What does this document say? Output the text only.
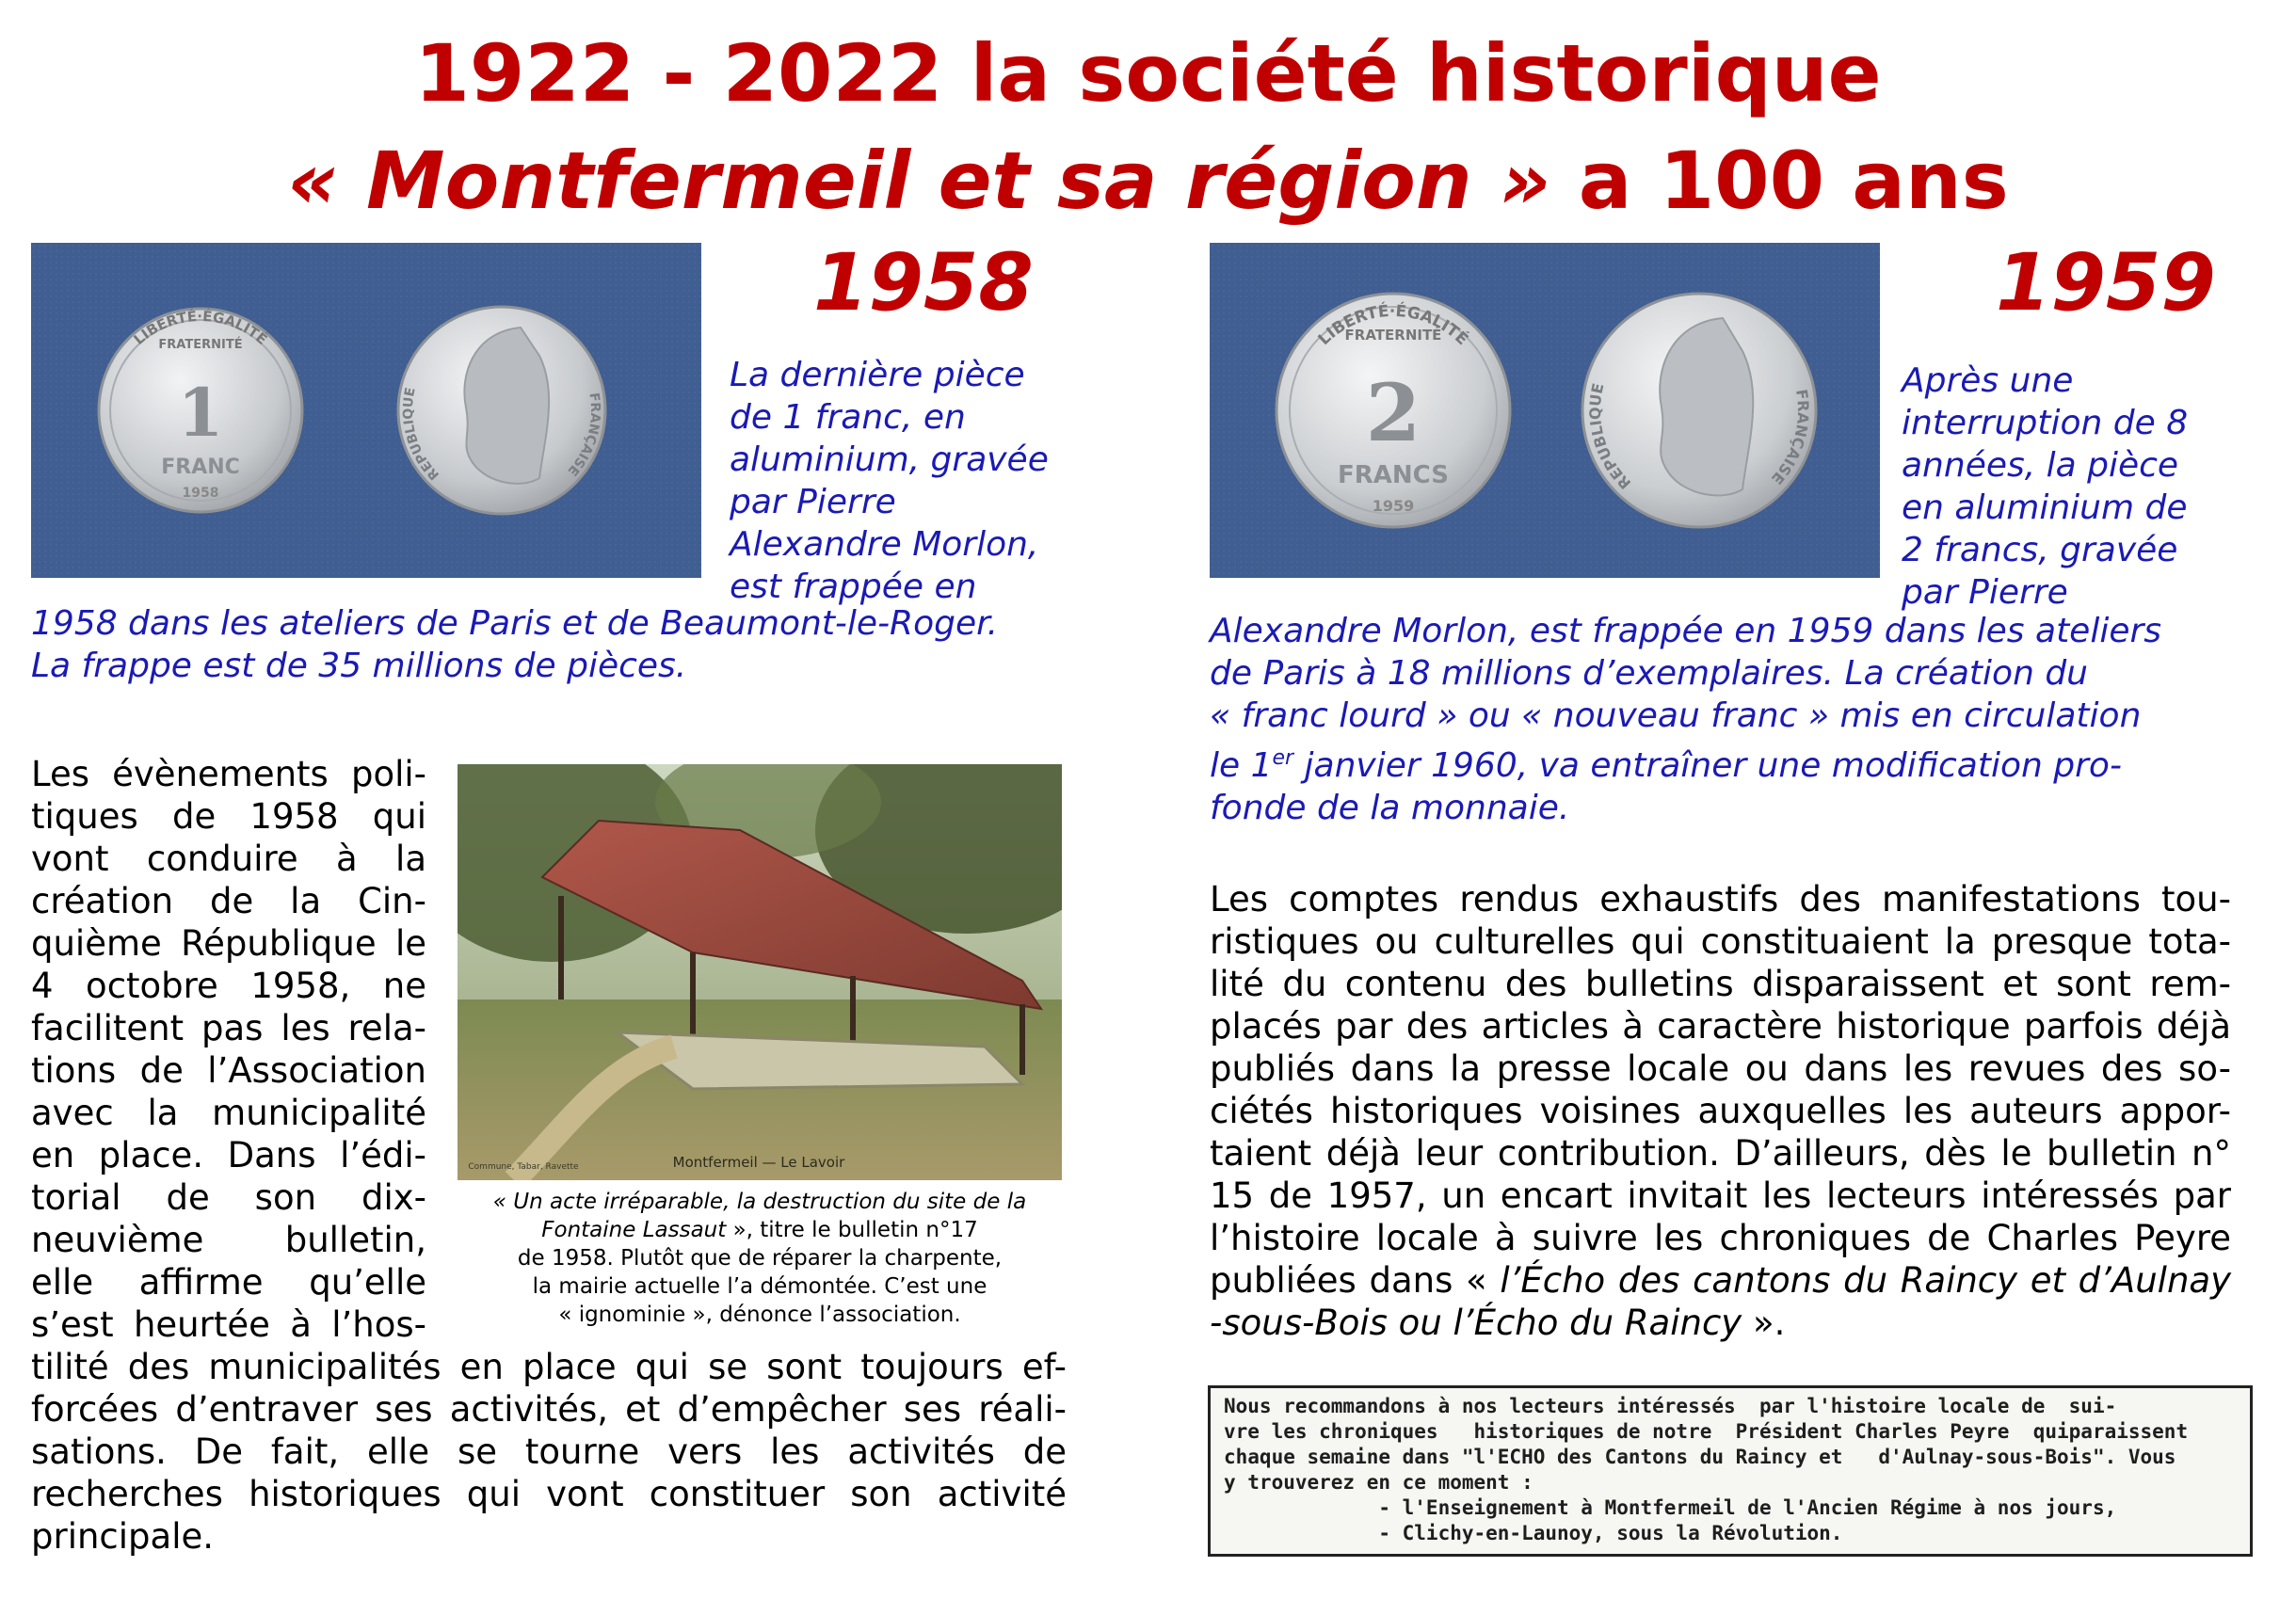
1922 - 2022 la société historique
« Montfermeil et sa région » a 100 ans
LIBERTÉ·ÉGALITÉ
FRATERNITÉ
1
FRANC
1958
REPUBLIQUE	FRANÇAISE
1958
La dernière pièce
de 1 franc, en
aluminium, gravée
par Pierre
Alexandre Morlon,
est frappée en
1958 dans les ateliers de Paris et de Beaumont-le-Roger.
La frappe est de 35 millions de pièces.
Les évènements poli-
tiques de 1958 qui
vont conduire à la
création de la Cin-
quième République le
4 octobre 1958, ne
facilitent pas les rela-
tions de l’Association
avec la municipalité
en place. Dans l’édi-
torial de son dix-
neuvième bulletin,
elle affirme qu’elle
s’est heurtée à l’hos-
tilité des municipalités en place qui se sont toujours ef-
forcées d’entraver ses activités, et d’empêcher ses réali-
sations. De fait, elle se tourne vers les activités de
recherches historiques qui vont constituer son activité
principale.
Montfermeil — Le Lavoir
Commune, Tabar, Ravette
« Un acte irréparable, la destruction du site de la
Fontaine Lassaut », titre le bulletin n°17
de 1958. Plutôt que de réparer la charpente,
la mairie actuelle l’a démontée. C’est une
« ignominie », dénonce l’association.
LIBERTÉ·ÉGALITÉ
FRATERNITÉ
2
FRANCS
1959
REPUBLIQUE	FRANÇAISE
1959
Après une
interruption de 8
années, la pièce
en aluminium de
2 francs, gravée
par Pierre
Alexandre Morlon, est frappée en 1959 dans les ateliers
de Paris à 18 millions d’exemplaires. La création du
« franc lourd » ou « nouveau franc » mis en circulation
le 1er janvier 1960, va entraîner une modification pro-
fonde de la monnaie.
Les comptes rendus exhaustifs des manifestations tou-
ristiques ou culturelles qui constituaient la presque tota-
lité du contenu des bulletins disparaissent et sont rem-
placés par des articles à caractère historique parfois déjà
publiés dans la presse locale ou dans les revues des so-
ciétés historiques voisines auxquelles les auteurs appor-
taient déjà leur contribution. D’ailleurs, dès le bulletin n°
15 de 1957, un encart invitait les lecteurs intéressés par
l’histoire locale à suivre les chroniques de Charles Peyre
publiées dans « l’Écho des cantons du Raincy et d’Aulnay
-sous-Bois ou l’Écho du Raincy ».
Nous recommandons à nos lecteurs intéressés  par l'histoire locale de  sui-
vre les chroniques   historiques de notre  Président Charles Peyre  quiparaissent
chaque semaine dans "l'ECHO des Cantons du Raincy et   d'Aulnay-sous-Bois". Vous
y trouverez en ce moment :
- l'Enseignement à Montfermeil de l'Ancien Régime à nos jours,
- Clichy-en-Launoy, sous la Révolution.
